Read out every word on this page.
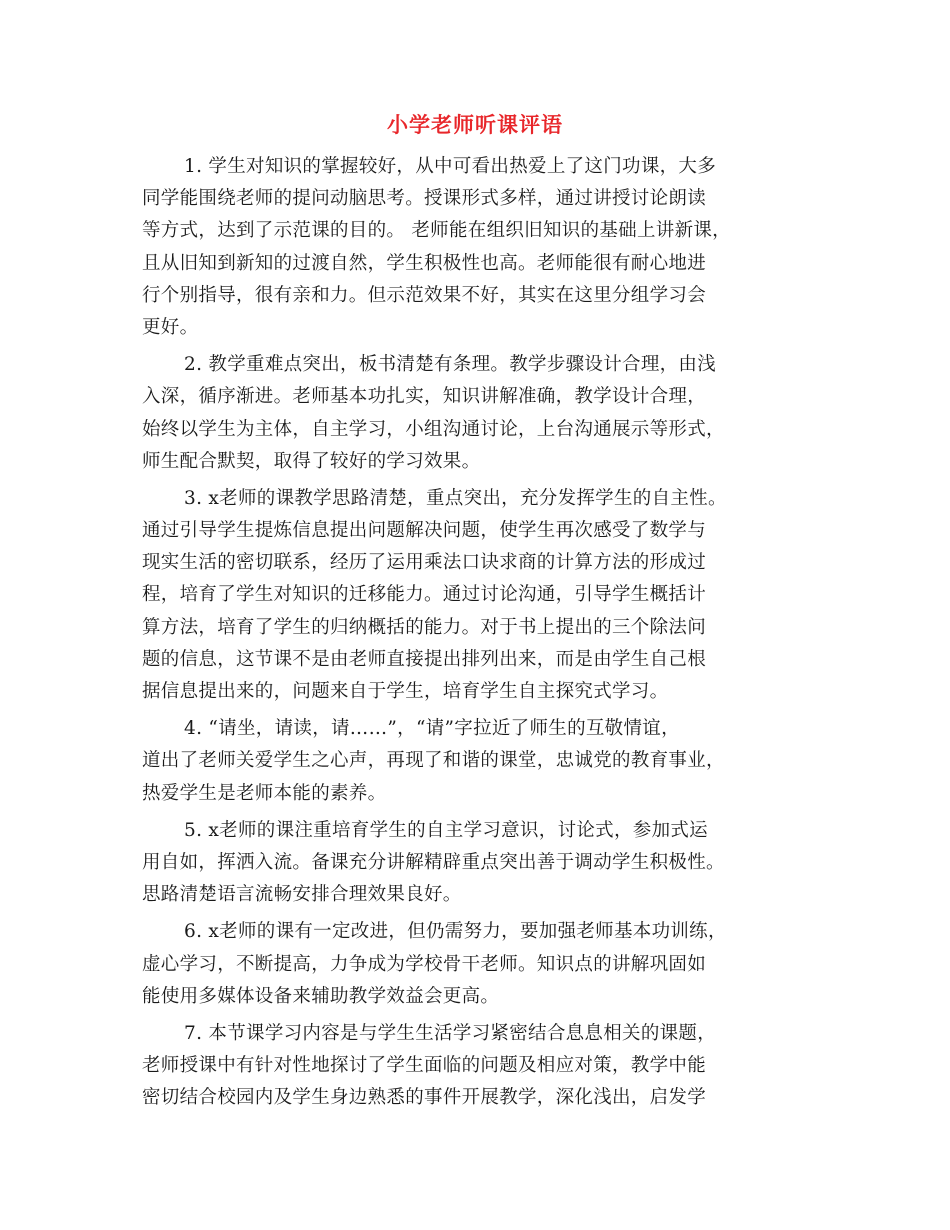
小学老师听课评语
1. 学生对知识的掌握较好，从中可看出热爱上了这门功课，大多
同学能围绕老师的提问动脑思考。授课形式多样，通过讲授讨论朗读
等方式，达到了示范课的目的。 老师能在组织旧知识的基础上讲新课，
且从旧知到新知的过渡自然，学生积极性也高。老师能很有耐心地进
行个别指导，很有亲和力。但示范效果不好，其实在这里分组学习会
更好。
2. 教学重难点突出，板书清楚有条理。教学步骤设计合理，由浅
入深，循序渐进。老师基本功扎实，知识讲解准确，教学设计合理，
始终以学生为主体，自主学习，小组沟通讨论，上台沟通展示等形式，
师生配合默契，取得了较好的学习效果。
3. x老师的课教学思路清楚，重点突出，充分发挥学生的自主性。
通过引导学生提炼信息提出问题解决问题，使学生再次感受了数学与
现实生活的密切联系，经历了运用乘法口诀求商的计算方法的形成过
程，培育了学生对知识的迁移能力。通过讨论沟通，引导学生概括计
算方法，培育了学生的归纳概括的能力。对于书上提出的三个除法问
题的信息，这节课不是由老师直接提出排列出来，而是由学生自己根
据信息提出来的，问题来自于学生，培育学生自主探究式学习。
4. “请坐，请读，请……”，“请”字拉近了师生的互敬情谊，
道出了老师关爱学生之心声，再现了和谐的课堂，忠诚党的教育事业，
热爱学生是老师本能的素养。
5. x老师的课注重培育学生的自主学习意识，讨论式，参加式运
用自如，挥洒入流。备课充分讲解精辟重点突出善于调动学生积极性。
思路清楚语言流畅安排合理效果良好。
6. x老师的课有一定改进，但仍需努力，要加强老师基本功训练，
虚心学习，不断提高，力争成为学校骨干老师。知识点的讲解巩固如
能使用多媒体设备来辅助教学效益会更高。
7. 本节课学习内容是与学生生活学习紧密结合息息相关的课题，
老师授课中有针对性地探讨了学生面临的问题及相应对策，教学中能
密切结合校园内及学生身边熟悉的事件开展教学，深化浅出，启发学
